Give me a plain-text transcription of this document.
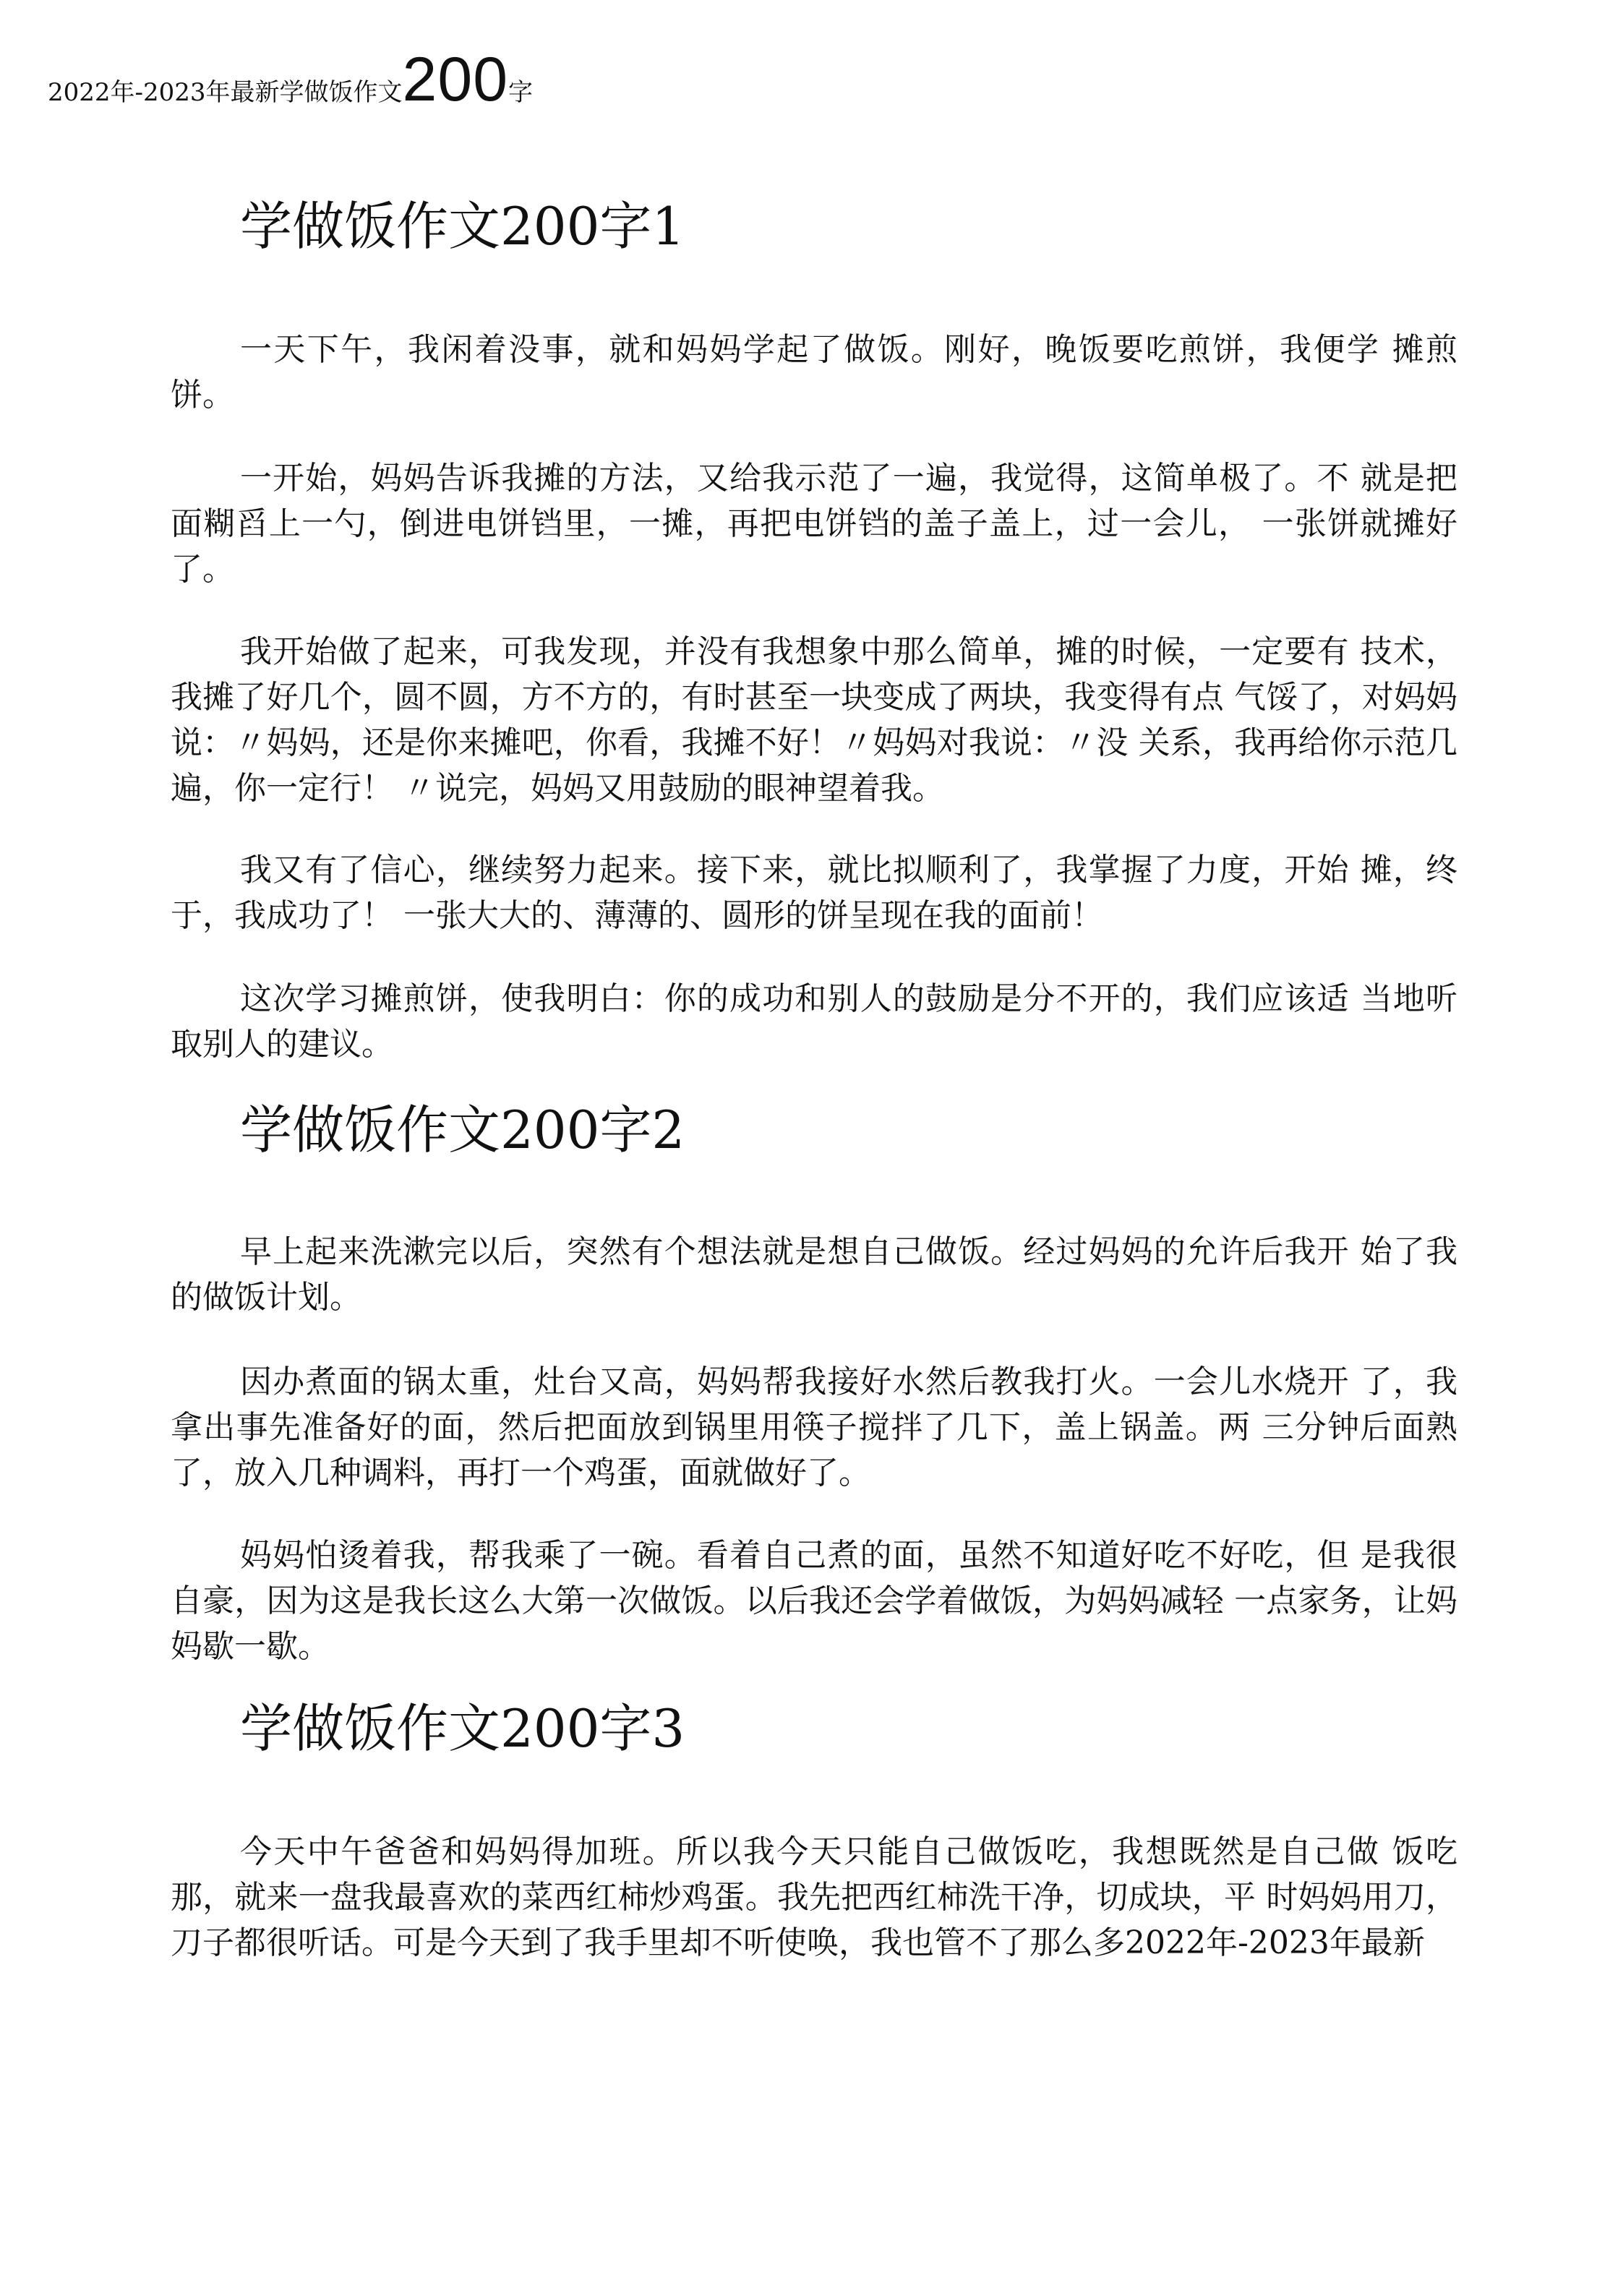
2022年-2023年最新学做饭作文200字
学做饭作文200字1

一天下午，我闲着没事，就和妈妈学起了做饭。刚好，晚饭要吃煎饼，我便学 摊煎饼。

一开始，妈妈告诉我摊的方法，又给我示范了一遍，我觉得，这简单极了。不 就是把面糊舀上一勺，倒进电饼铛里，一摊，再把电饼铛的盖子盖上，过一会儿， 一张饼就摊好了。

我开始做了起来，可我发现，并没有我想象中那么简单，摊的时候，一定要有 技术，我摊了好几个，圆不圆，方不方的，有时甚至一块变成了两块，我变得有点 气馁了，对妈妈说：〃妈妈，还是你来摊吧，你看，我摊不好！〃妈妈对我说：〃没 关系，我再给你示范几遍，你一定行！ 〃说完，妈妈又用鼓励的眼神望着我。

我又有了信心，继续努力起来。接下来，就比拟顺利了，我掌握了力度，开始 摊，终于，我成功了！ 一张大大的、薄薄的、圆形的饼呈现在我的面前！

这次学习摊煎饼，使我明白：你的成功和别人的鼓励是分不开的，我们应该适 当地听取别人的建议。

学做饭作文200字2

早上起来洗漱完以后，突然有个想法就是想自己做饭。经过妈妈的允许后我开 始了我的做饭计划。

因办煮面的锅太重，灶台又高，妈妈帮我接好水然后教我打火。一会儿水烧开 了，我拿出事先准备好的面，然后把面放到锅里用筷子搅拌了几下，盖上锅盖。两 三分钟后面熟了，放入几种调料，再打一个鸡蛋，面就做好了。

妈妈怕烫着我，帮我乘了一碗。看着自己煮的面，虽然不知道好吃不好吃，但 是我很自豪，因为这是我长这么大第一次做饭。以后我还会学着做饭，为妈妈减轻 一点家务，让妈妈歇一歇。

学做饭作文200字3

今天中午爸爸和妈妈得加班。所以我今天只能自己做饭吃，我想既然是自己做 饭吃那，就来一盘我最喜欢的菜西红柿炒鸡蛋。我先把西红柿洗干净，切成块，平 时妈妈用刀，刀子都很听话。可是今天到了我手里却不听使唤，我也管不了那么多2022年-2023年最新
